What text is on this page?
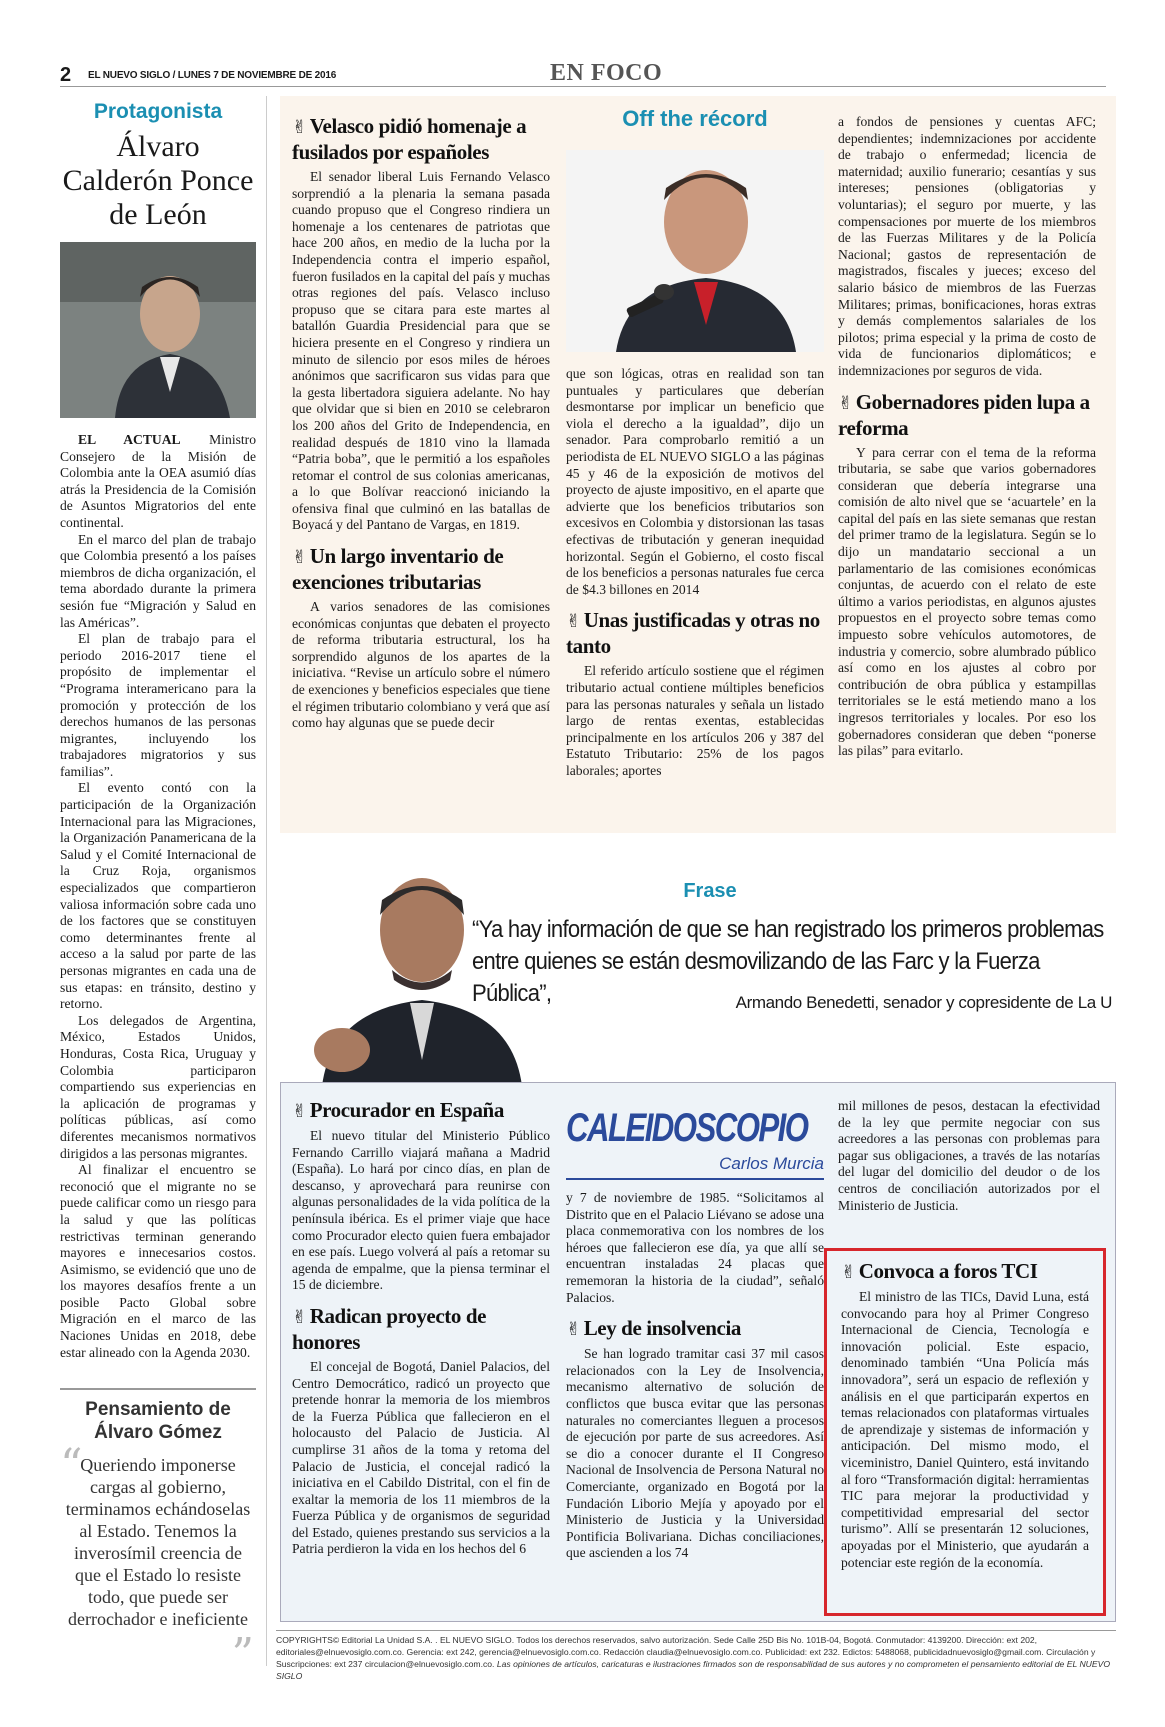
2 EL NUEVO SIGLO / LUNES 7 DE NOVIEMBRE DE 2016	EN FOCO
Protagonista
Álvaro Calderón Ponce de León

EL ACTUAL Ministro Consejero de la Misión de Colombia ante la OEA asumió días atrás la Presidencia de la Comisión de Asuntos Migratorios del ente continental.

En el marco del plan de trabajo que Colombia presentó a los países miembros de dicha organización, el tema abordado durante la primera sesión fue “Migración y Salud en las Américas”.

El plan de trabajo para el periodo 2016-2017 tiene el propósito de implementar el “Programa interamericano para la promoción y protección de los derechos humanos de las personas migrantes, incluyendo los trabajadores migratorios y sus familias”.

El evento contó con la participación de la Organización Internacional para las Migraciones, la Organización Panamericana de la Salud y el Comité Internacional de la Cruz Roja, organismos especializados que compartieron valiosa información sobre cada uno de los factores que se constituyen como determinantes frente al acceso a la salud por parte de las personas migrantes en cada una de sus etapas: en tránsito, destino y retorno.

Los delegados de Argentina, México, Estados Unidos, Honduras, Costa Rica, Uruguay y Colombia participaron compartiendo sus experiencias en la aplicación de programas y políticas públicas, así como diferentes mecanismos normativos dirigidos a las personas migrantes.

Al finalizar el encuentro se reconoció que el migrante no se puede calificar como un riesgo para la salud y que las políticas restrictivas terminan generando mayores e innecesarios costos. Asimismo, se evidenció que uno de los mayores desafíos frente a un posible Pacto Global sobre Migración en el marco de las Naciones Unidas en 2018, debe estar alineado con la Agenda 2030.

Pensamiento de Álvaro Gómez
“
Queriendo imponerse cargas al gobierno, terminamos echándoselas al Estado. Tenemos la inverosímil creencia de que el Estado lo resiste todo, que puede ser derrochador e ineficiente
”
✌ Velasco pidió homenaje a fusilados por españoles

El senador liberal Luis Fernando Velasco sorprendió a la plenaria la semana pasada cuando propuso que el Congreso rindiera un homenaje a los centenares de patriotas que hace 200 años, en medio de la lucha por la Independencia contra el imperio español, fueron fusilados en la capital del país y muchas otras regiones del país. Velasco incluso propuso que se citara para este martes al batallón Guardia Presidencial para que se hiciera presente en el Congreso y rindiera un minuto de silencio por esos miles de héroes anónimos que sacrificaron sus vidas para que la gesta libertadora siguiera adelante. No hay que olvidar que si bien en 2010 se celebraron los 200 años del Grito de Independencia, en realidad después de 1810 vino la llamada “Patria boba”, que le permitió a los españoles retomar el control de sus colonias americanas, a lo que Bolívar reaccionó iniciando la ofensiva final que culminó en las batallas de Boyacá y del Pantano de Vargas, en 1819.

✌ Un largo inventario de exenciones tributarias

A varios senadores de las comisiones económicas conjuntas que debaten el proyecto de reforma tributaria estructural, los ha sorprendido algunos de los apartes de la iniciativa. “Revise un artículo sobre el número de exenciones y beneficios especiales que tiene el régimen tributario colombiano y verá que así como hay algunas que se puede decir

Off the récord

que son lógicas, otras en realidad son tan puntuales y particulares que deberían desmontarse por implicar un beneficio que viola el derecho a la igualdad”, dijo un senador. Para comprobarlo remitió a un periodista de EL NUEVO SIGLO a las páginas 45 y 46 de la exposición de motivos del proyecto de ajuste impositivo, en el aparte que advierte que los beneficios tributarios son excesivos en Colombia y distorsionan las tasas efectivas de tributación y generan inequidad horizontal. Según el Gobierno, el costo fiscal de los beneficios a personas naturales fue cerca de $4.3 billones en 2014

✌ Unas justificadas y otras no tanto

El referido artículo sostiene que el régimen tributario actual contiene múltiples beneficios para las personas naturales y señala un listado largo de rentas exentas, establecidas principalmente en los artículos 206 y 387 del Estatuto Tributario: 25% de los pagos laborales; aportes

a fondos de pensiones y cuentas AFC; dependientes; indemnizaciones por accidente de trabajo o enfermedad; licencia de maternidad; auxilio funerario; cesantías y sus intereses; pensiones (obligatorias y voluntarias); el seguro por muerte, y las compensaciones por muerte de los miembros de las Fuerzas Militares y de la Policía Nacional; gastos de representación de magistrados, fiscales y jueces; exceso del salario básico de miembros de las Fuerzas Militares; primas, bonificaciones, horas extras y demás complementos salariales de los pilotos; prima especial y la prima de costo de vida de funcionarios diplomáticos; e indemnizaciones por seguros de vida.

✌ Gobernadores piden lupa a reforma

Y para cerrar con el tema de la reforma tributaria, se sabe que varios gobernadores consideran que debería integrarse una comisión de alto nivel que se ‘acuartele’ en la capital del país en las siete semanas que restan del primer tramo de la legislatura. Según se lo dijo un mandatario seccional a un parlamentario de las comisiones económicas conjuntas, de acuerdo con el relato de este último a varios periodistas, en algunos ajustes propuestos en el proyecto sobre temas como impuesto sobre vehículos automotores, de industria y comercio, sobre alumbrado público así como en los ajustes al cobro por contribución de obra pública y estampillas territoriales se le está metiendo mano a los ingresos territoriales y locales. Por eso los gobernadores consideran que deben “ponerse las pilas” para evitarlo.

Frase
“Ya hay información de que se han registrado los primeros problemas entre quienes se están desmovilizando de las Farc y la Fuerza Pública”,	Armando Benedetti, senador y copresidente de La U
✌ Procurador en España

El nuevo titular del Ministerio Público Fernando Carrillo viajará mañana a Madrid (España). Lo hará por cinco días, en plan de descanso, y aprovechará para reunirse con algunas personalidades de la vida política de la península ibérica. Es el primer viaje que hace como Procurador electo quien fuera embajador en ese país. Luego volverá al país a retomar su agenda de empalme, que la piensa terminar el 15 de diciembre.

✌ Radican proyecto de honores

El concejal de Bogotá, Daniel Palacios, del Centro Democrático, radicó un proyecto que pretende honrar la memoria de los miembros de la Fuerza Pública que fallecieron en el holocausto del Palacio de Justicia. Al cumplirse 31 años de la toma y retoma del Palacio de Justicia, el concejal radicó la iniciativa en el Cabildo Distrital, con el fin de exaltar la memoria de los 11 miembros de la Fuerza Pública y de organismos de seguridad del Estado, quienes prestando sus servicios a la Patria perdieron la vida en los hechos del 6

CALEIDOSCOPIO
Carlos Murcia

y 7 de noviembre de 1985. “Solicitamos al Distrito que en el Palacio Liévano se adose una placa conmemorativa con los nombres de los héroes que fallecieron ese día, ya que allí se encuentran instaladas 24 placas que rememoran la historia de la ciudad”, señaló Palacios.

✌ Ley de insolvencia

Se han logrado tramitar casi 37 mil casos relacionados con la Ley de Insolvencia, mecanismo alternativo de solución de conflictos que busca evitar que las personas naturales no comerciantes lleguen a procesos de ejecución por parte de sus acreedores. Así se dio a conocer durante el II Congreso Nacional de Insolvencia de Persona Natural no Comerciante, organizado en Bogotá por la Fundación Liborio Mejía y apoyado por el Ministerio de Justicia y la Universidad Pontificia Bolivariana. Dichas conciliaciones, que ascienden a los 74

mil millones de pesos, destacan la efectividad de la ley que permite negociar con sus acreedores a las personas con problemas para pagar sus obligaciones, a través de las notarías del lugar del domicilio del deudor o de los centros de conciliación autorizados por el Ministerio de Justicia.

✌ Convoca a foros TCI

El ministro de las TICs, David Luna, está convocando para hoy al Primer Congreso Internacional de Ciencia, Tecnología e innovación policial. Este espacio, denominado también “Una Policía más innovadora”, será un espacio de reflexión y análisis en el que participarán expertos en temas relacionados con plataformas virtuales de aprendizaje y sistemas de información y anticipación. Del mismo modo, el viceministro, Daniel Quintero, está invitando al foro “Transformación digital: herramientas TIC para mejorar la productividad y competitividad empresarial del sector turismo”. Allí se presentarán 12 soluciones, apoyadas por el Ministerio, que ayudarán a potenciar este región de la economía.

COPYRIGHTS© Editorial La Unidad S.A. . EL NUEVO SIGLO. Todos los derechos reservados, salvo autorización. Sede Calle 25D Bis No. 101B-04, Bogotá. Conmutador: 4139200. Dirección: ext 202, editoriales@elnuevosiglo.com.co. Gerencia: ext 242, gerencia@elnuevosiglo.com.co. Redacción claudia@elnuevosiglo.com.co. Publicidad: ext 232. Edictos: 5488068, publicidadnuevosiglo@gmail.com. Circulación y Suscripciones: ext 237 circulacion@elnuevosiglo.com.co. Las opiniones de artículos, caricaturas e ilustraciones firmados son de responsabilidad de sus autores y no comprometen el pensamiento editorial de EL NUEVO SIGLO
